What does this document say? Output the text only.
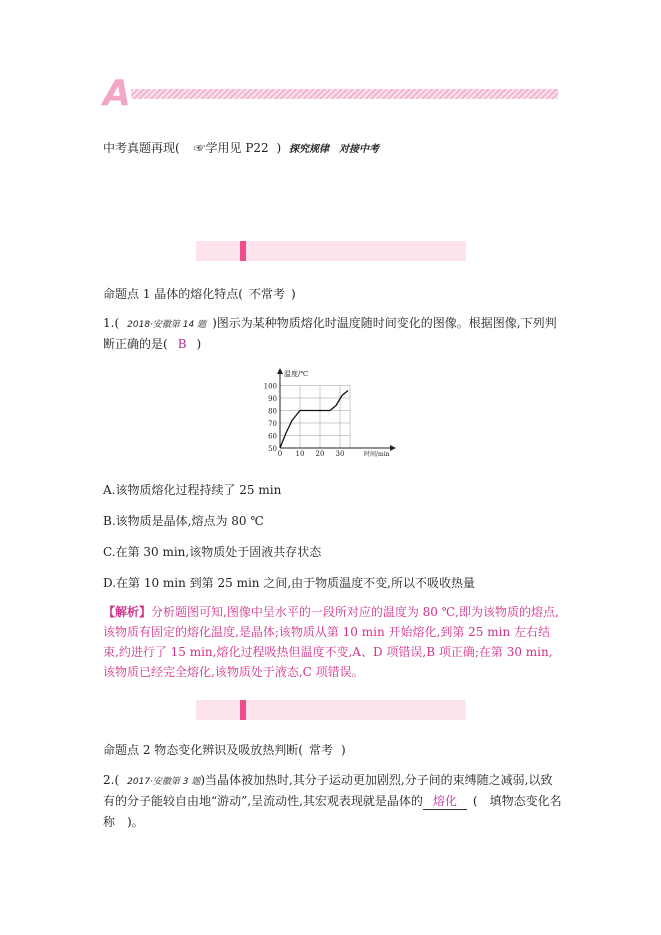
A
中考真题再现( ☞学用见 P22 ) 探究规律　对接中考
命题点 1 晶体的熔化特点( 不常考 )
1.( 2018·安徽第 14 题 )图示为某种物质熔化时温度随时间变化的图像。根据图像,下列判
断正确的是( B )
50
60
70
80
90
100
0 10 20 30
温度/℃
时间/min
A.该物质熔化过程持续了 25 min
B.该物质是晶体,熔点为 80 ℃
C.在第 30 min,该物质处于固液共存状态
D.在第 10 min 到第 25 min 之间,由于物质温度不变,所以不吸收热量
【解析】分析题图可知,图像中呈水平的一段所对应的温度为 80 ℃,即为该物质的熔点,该物质有固定的熔化温度,是晶体;该物质从第 10 min 开始熔化,到第 25 min 左右结束,约进行了 15 min,熔化过程吸热但温度不变,A、D 项错误,B 项正确;在第 30 min,该物质已经完全熔化,该物质处于液态,C 项错误。
命题点 2 物态变化辨识及吸放热判断( 常考 )
2.( 2017·安徽第 3 题)当晶体被加热时,其分子运动更加剧烈,分子间的束缚随之减弱,以致
有的分子能较自由地“游动”,呈流动性,其宏观表现就是晶体的 熔化 (　填物态变化名
称　)。
